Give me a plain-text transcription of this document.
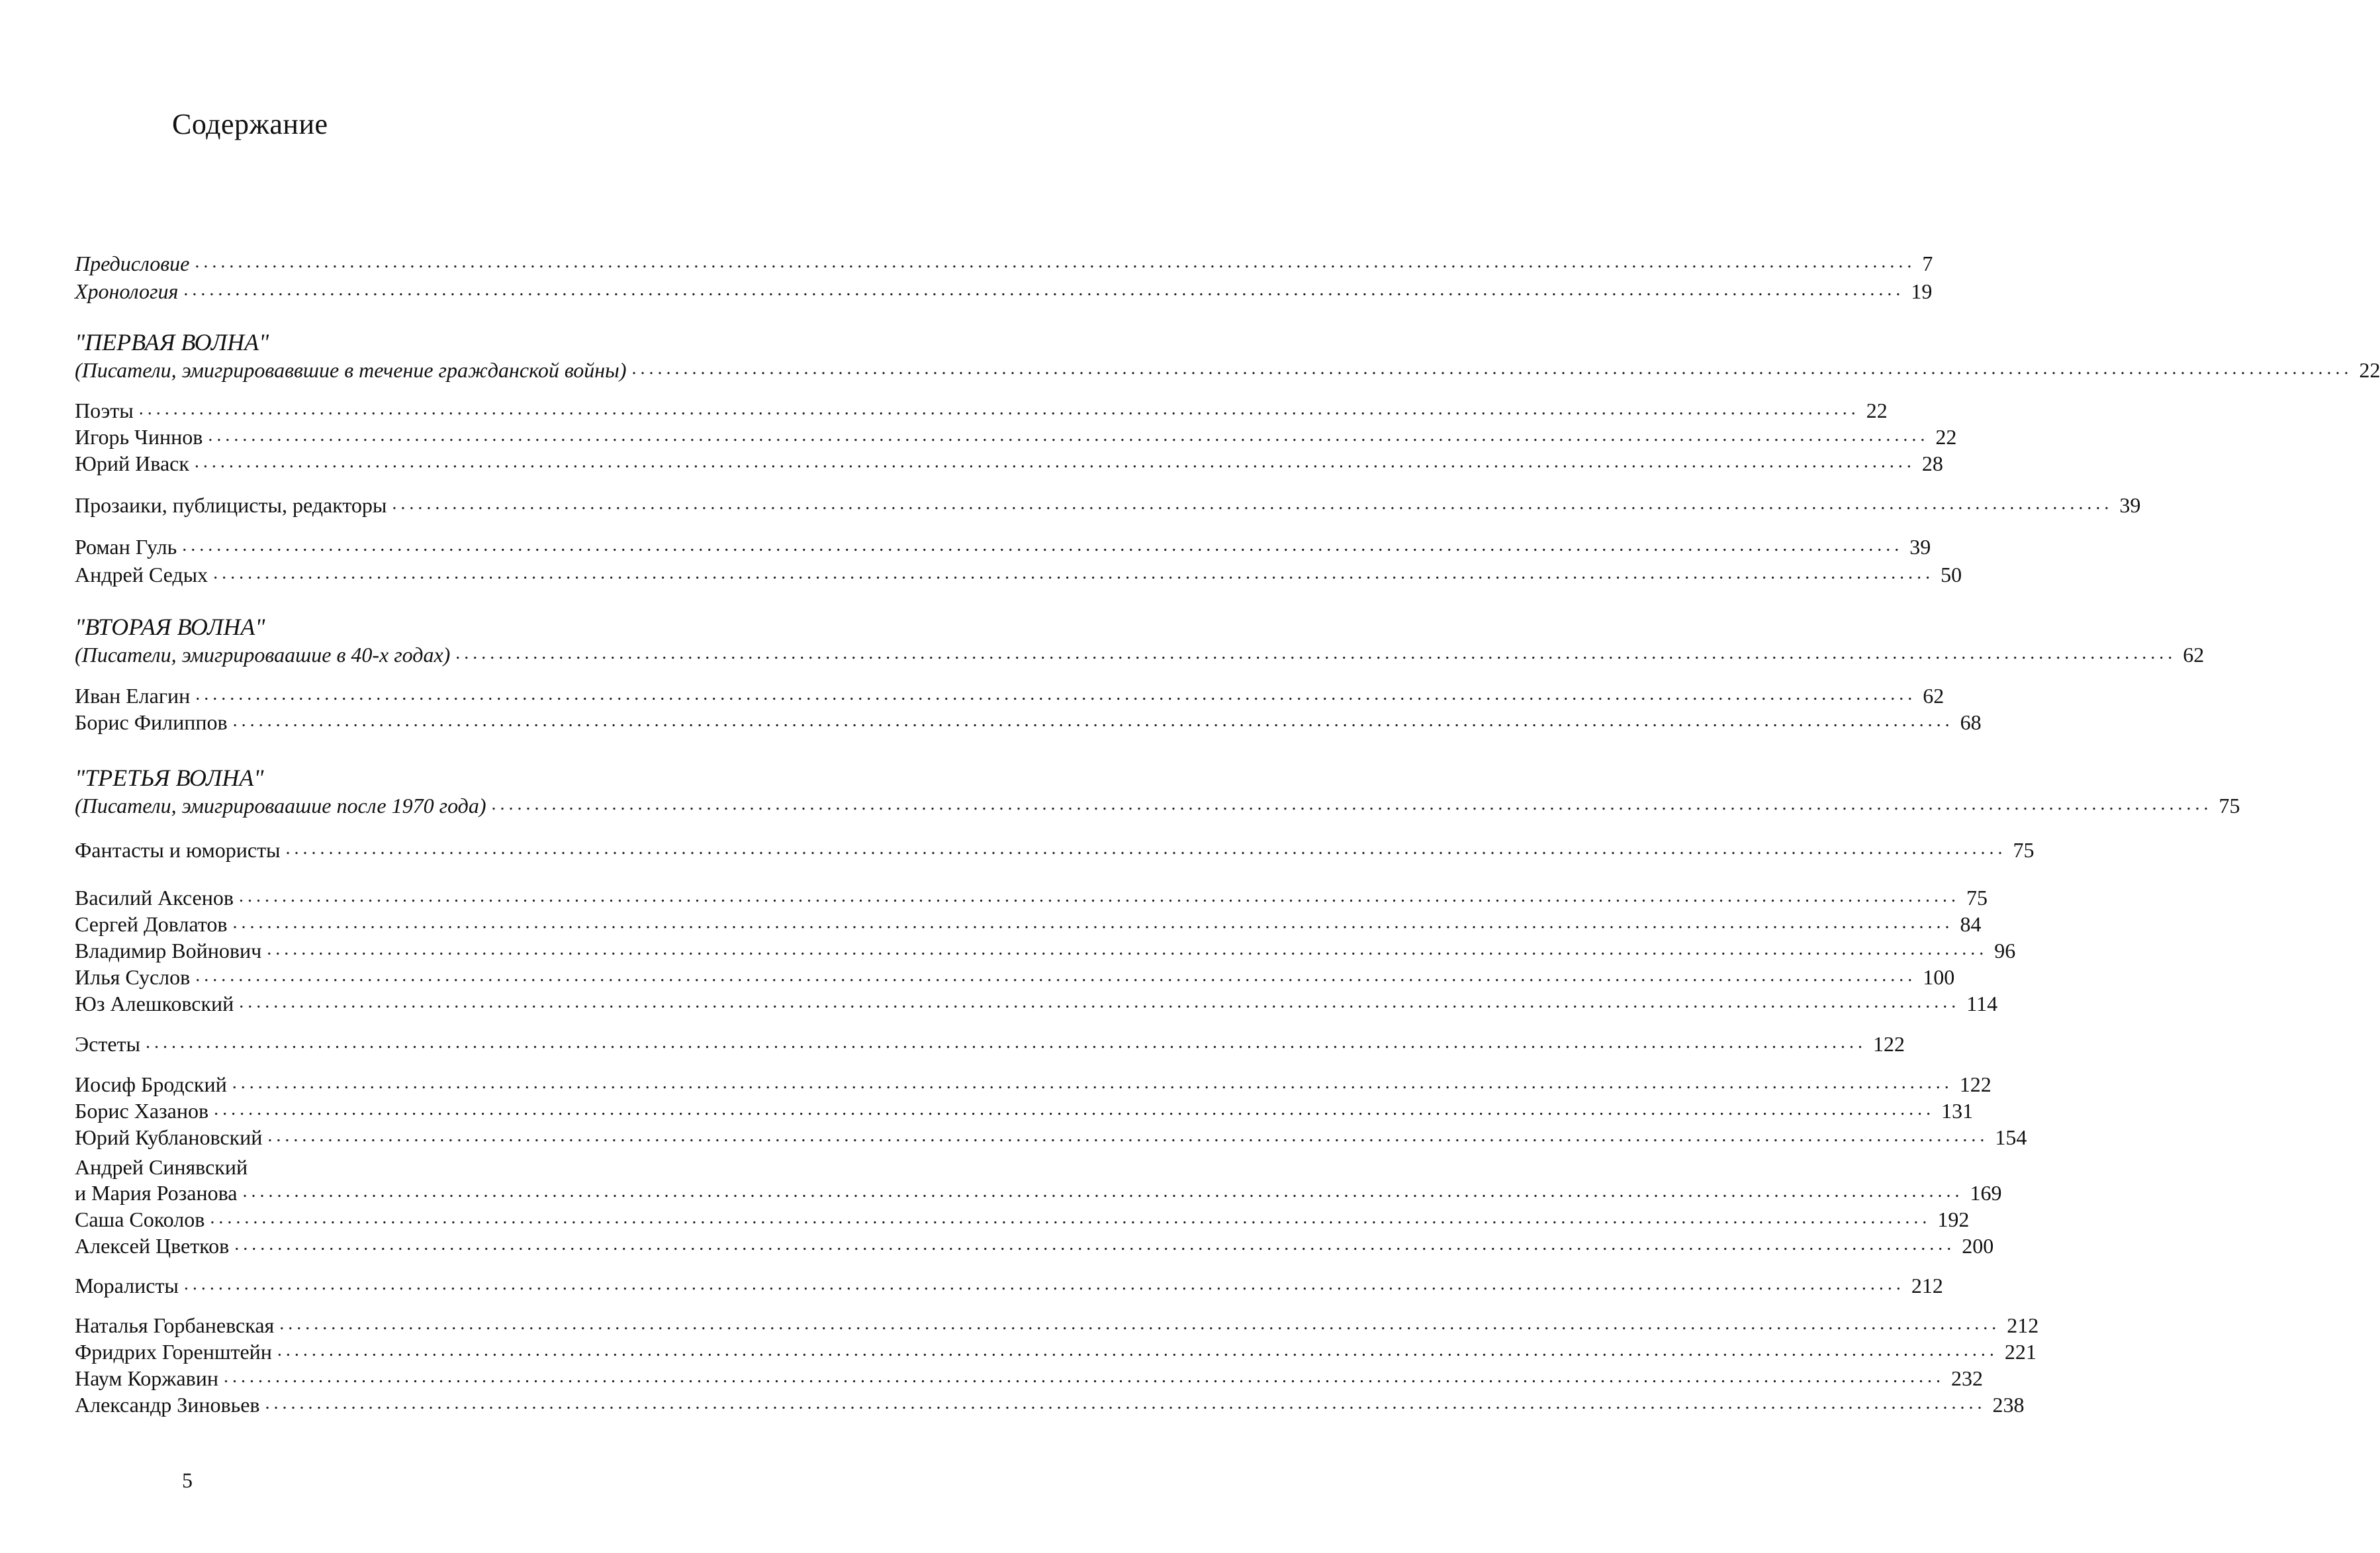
Содержание
"ПЕРВАЯ ВОЛНА"
"ВТОРАЯ ВОЛНА"
"ТРЕТЬЯ ВОЛНА"
Андрей Синявский
Предисловие ........................................................................................................................................................................................................ 7
Хронология ........................................................................................................................................................................................................ 19
(Писатели, эмигрироваввшие в течение гражданской войны) ........................................................................................................................................................................................................ 22
Поэты ........................................................................................................................................................................................................ 22
Игорь Чиннов ........................................................................................................................................................................................................ 22
Юрий Иваск ........................................................................................................................................................................................................ 28
Прозаики, публицисты, редакторы ........................................................................................................................................................................................................ 39
Роман Гуль ........................................................................................................................................................................................................ 39
Андрей Седых ........................................................................................................................................................................................................ 50
(Писатели, эмигрироваашие в 40-х годах) ........................................................................................................................................................................................................ 62
Иван Елагин ........................................................................................................................................................................................................ 62
Борис Филиппов ........................................................................................................................................................................................................ 68
(Писатели, эмигрироваашие после 1970 года) ........................................................................................................................................................................................................ 75
Фантасты и юмористы ........................................................................................................................................................................................................ 75
Василий Аксенов ........................................................................................................................................................................................................ 75
Сергей Довлатов ........................................................................................................................................................................................................ 84
Владимир Войнович ........................................................................................................................................................................................................ 96
Илья Суслов ........................................................................................................................................................................................................ 100
Юз Алешковский ........................................................................................................................................................................................................ 114
Эстеты ........................................................................................................................................................................................................ 122
Иосиф Бродский ........................................................................................................................................................................................................ 122
Борис Хазанов ........................................................................................................................................................................................................ 131
Юрий Кублановский ........................................................................................................................................................................................................ 154
и Мария Розанова ........................................................................................................................................................................................................ 169
Саша Соколов ........................................................................................................................................................................................................ 192
Алексей Цветков ........................................................................................................................................................................................................ 200
Моралисты ........................................................................................................................................................................................................ 212
Наталья Горбаневская ........................................................................................................................................................................................................ 212
Фридрих Горенштейн ........................................................................................................................................................................................................ 221
Наум Коржавин ........................................................................................................................................................................................................ 232
Александр Зиновьев ........................................................................................................................................................................................................ 238
5
